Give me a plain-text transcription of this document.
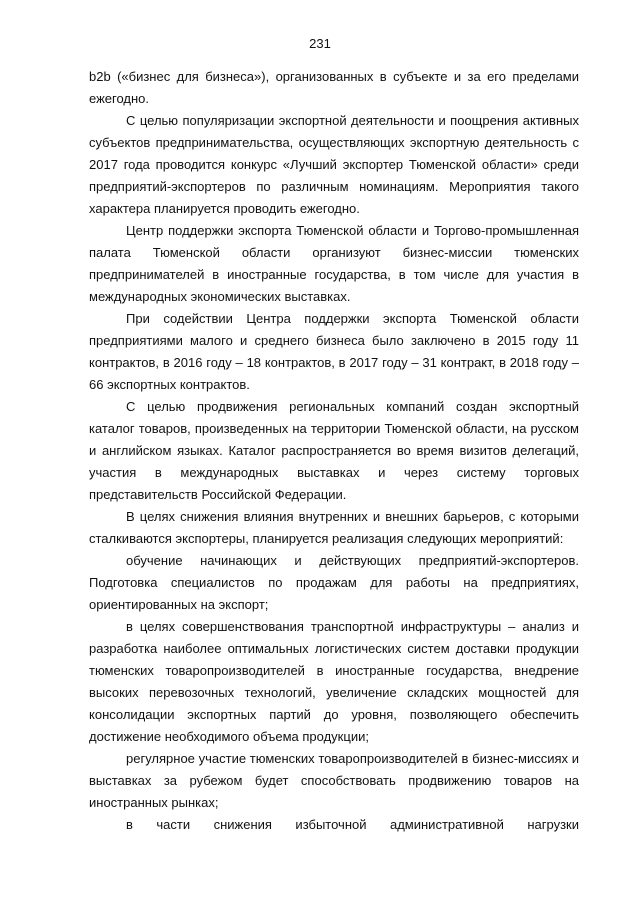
231

b2b («бизнес для бизнеса»), организованных в субъекте и за его пределами ежегодно.

С целью популяризации экспортной деятельности и поощрения активных субъектов предпринимательства, осуществляющих экспортную деятельность с 2017 года проводится конкурс «Лучший экспортер Тюменской области» среди предприятий-экспортеров по различным номинациям. Мероприятия такого характера планируется проводить ежегодно.

Центр поддержки экспорта Тюменской области и Торгово-промышленная палата Тюменской области организуют бизнес-миссии тюменских предпринимателей в иностранные государства, в том числе для участия в международных экономических выставках.

При содействии Центра поддержки экспорта Тюменской области предприятиями малого и среднего бизнеса было заключено в 2015 году 11 контрактов, в 2016 году – 18 контрактов, в 2017 году – 31 контракт, в 2018 году – 66 экспортных контрактов.

С целью продвижения региональных компаний создан экспортный каталог товаров, произведенных на территории Тюменской области, на русском и английском языках. Каталог распространяется во время визитов делегаций, участия в международных выставках и через систему торговых представительств Российской Федерации.

В целях снижения влияния внутренних и внешних барьеров, с которыми сталкиваются экспортеры, планируется реализация следующих мероприятий:

обучение начинающих и действующих предприятий-экспортеров. Подготовка специалистов по продажам для работы на предприятиях, ориентированных на экспорт;

в целях совершенствования транспортной инфраструктуры – анализ и разработка наиболее оптимальных логистических систем доставки продукции тюменских товаропроизводителей в иностранные государства, внедрение высоких перевозочных технологий, увеличение складских мощностей для консолидации экспортных партий до уровня, позволяющего обеспечить достижение необходимого объема продукции;

регулярное участие тюменских товаропроизводителей в бизнес-миссиях и выставках за рубежом будет способствовать продвижению товаров на иностранных рынках;

в части снижения избыточной административной нагрузки
